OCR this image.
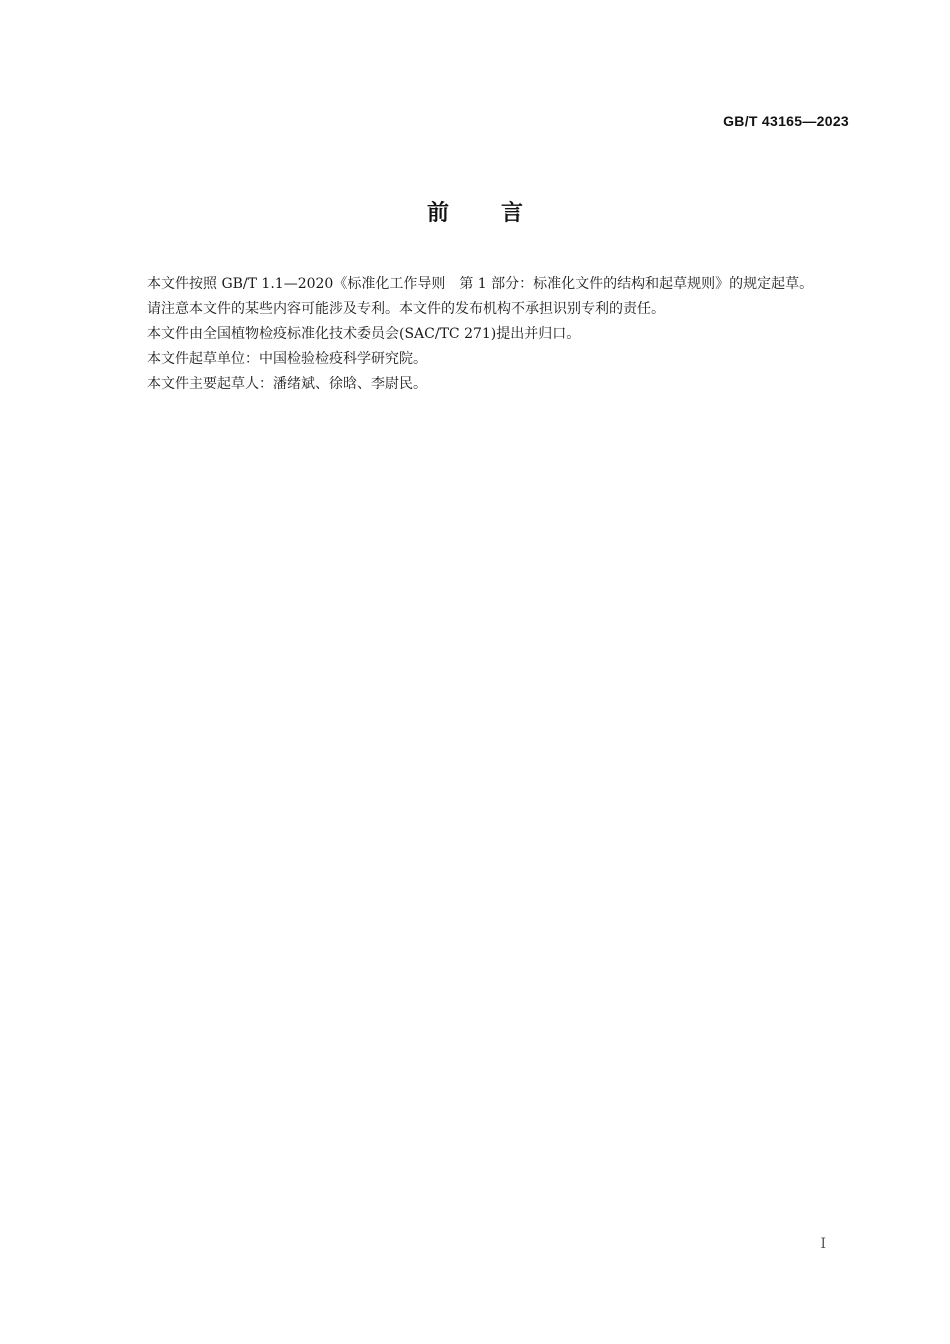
GB/T 43165—2023
前言

本文件按照 GB/T 1.1—2020《标准化工作导则　第 1 部分：标准化文件的结构和起草规则》的规定起草。

请注意本文件的某些内容可能涉及专利。本文件的发布机构不承担识别专利的责任。

本文件由全国植物检疫标准化技术委员会(SAC/TC 271)提出并归口。

本文件起草单位：中国检验检疫科学研究院。

本文件主要起草人：潘绪斌、徐晗、李尉民。

I
